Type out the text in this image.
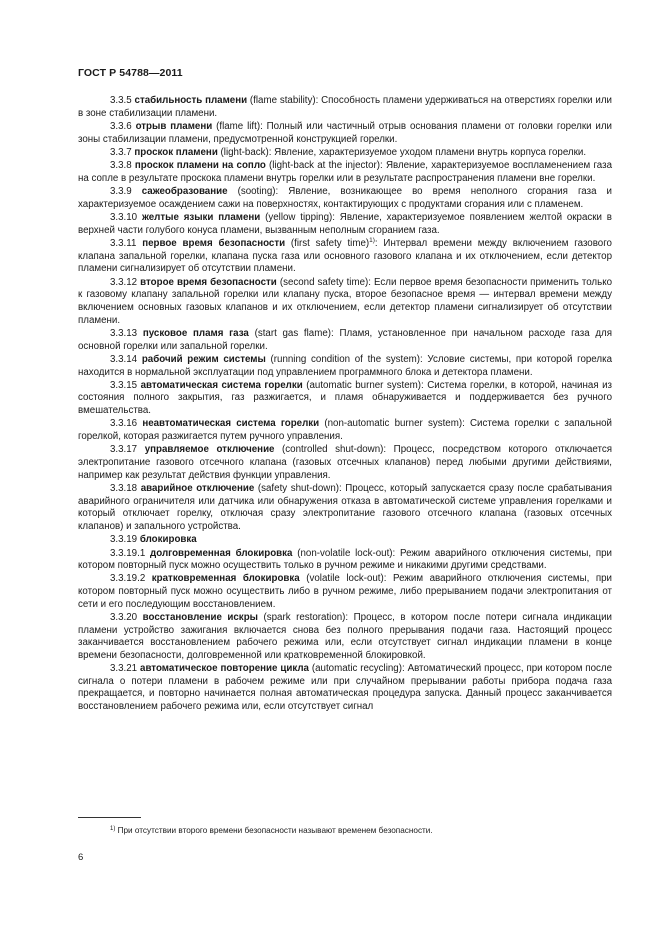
ГОСТ Р 54788—2011

3.3.5 стабильность пламени (flame stability): Способность пламени удерживаться на отверстиях горелки или в зоне стабилизации пламени.

3.3.6 отрыв пламени (flame lift): Полный или частичный отрыв основания пламени от головки горелки или зоны стабилизации пламени, предусмотренной конструкцией горелки.

3.3.7 проскок пламени (light-back): Явление, характеризуемое уходом пламени внутрь корпуса горелки.

3.3.8 проскок пламени на сопло (light-back at the injector): Явление, характеризуемое воспламенением газа на сопле в результате проскока пламени внутрь горелки или в результате распространения пламени вне горелки.

3.3.9 сажеобразование (sooting): Явление, возникающее во время неполного сгорания газа и характеризуемое осаждением сажи на поверхностях, контактирующих с продуктами сгорания или с пламенем.

3.3.10 желтые языки пламени (yellow tipping): Явление, характеризуемое появлением желтой окраски в верхней части голубого конуса пламени, вызванным неполным сгоранием газа.

3.3.11 первое время безопасности (first safety time)$^{1)}$: Интервал времени между включением газового клапана запальной горелки, клапана пуска газа или основного газового клапана и их отключением, если детектор пламени сигнализирует об отсутствии пламени.

3.3.12 второе время безопасности (second safety time): Если первое время безопасности применить только к газовому клапану запальной горелки или клапану пуска, второе безопасное время — интервал времени между включением основных газовых клапанов и их отключением, если детектор пламени сигнализирует об отсутствии пламени.

3.3.13 пусковое пламя газа (start gas flame): Пламя, установленное при начальном расходе газа для основной горелки или запальной горелки.

3.3.14 рабочий режим системы (running condition of the system): Условие системы, при которой горелка находится в нормальной эксплуатации под управлением программного блока и детектора пламени.

3.3.15 автоматическая система горелки (automatic burner system): Система горелки, в которой, начиная из состояния полного закрытия, газ разжигается, и пламя обнаруживается и поддерживается без ручного вмешательства.

3.3.16 неавтоматическая система горелки (non-automatic burner system): Система горелки с запальной горелкой, которая разжигается путем ручного управления.

3.3.17 управляемое отключение (controlled shut-down): Процесс, посредством которого отключается электропитание газового отсечного клапана (газовых отсечных клапанов) перед любыми другими действиями, например как результат действия функции управления.

3.3.18 аварийное отключение (safety shut-down): Процесс, который запускается сразу после срабатывания аварийного ограничителя или датчика или обнаружения отказа в автоматической системе управления горелками и который отключает горелку, отключая сразу электропитание газового отсечного клапана (газовых отсечных клапанов) и запального устройства.

3.3.19 блокировка

3.3.19.1 долговременная блокировка (non-volatile lock-out): Режим аварийного отключения системы, при котором повторный пуск можно осуществить только в ручном режиме и никакими другими средствами.

3.3.19.2 кратковременная блокировка (volatile lock-out): Режим аварийного отключения системы, при котором повторный пуск можно осуществить либо в ручном режиме, либо прерыванием подачи электропитания от сети и его последующим восстановлением.

3.3.20 восстановление искры (spark restoration): Процесс, в котором после потери сигнала индикации пламени устройство зажигания включается снова без полного прерывания подачи газа. Настоящий процесс заканчивается восстановлением рабочего режима или, если отсутствует сигнал индикации пламени в конце времени безопасности, долговременной или кратковременной блокировкой.

3.3.21 автоматическое повторение цикла (automatic recycling): Автоматический процесс, при котором после сигнала о потери пламени в рабочем режиме или при случайном прерывании работы прибора подача газа прекращается, и повторно начинается полная автоматическая процедура запуска. Данный процесс заканчивается восстановлением рабочего режима или, если отсутствует сигнал

$^{1)}$ При отсутствии второго времени безопасности называют временем безопасности.
6
